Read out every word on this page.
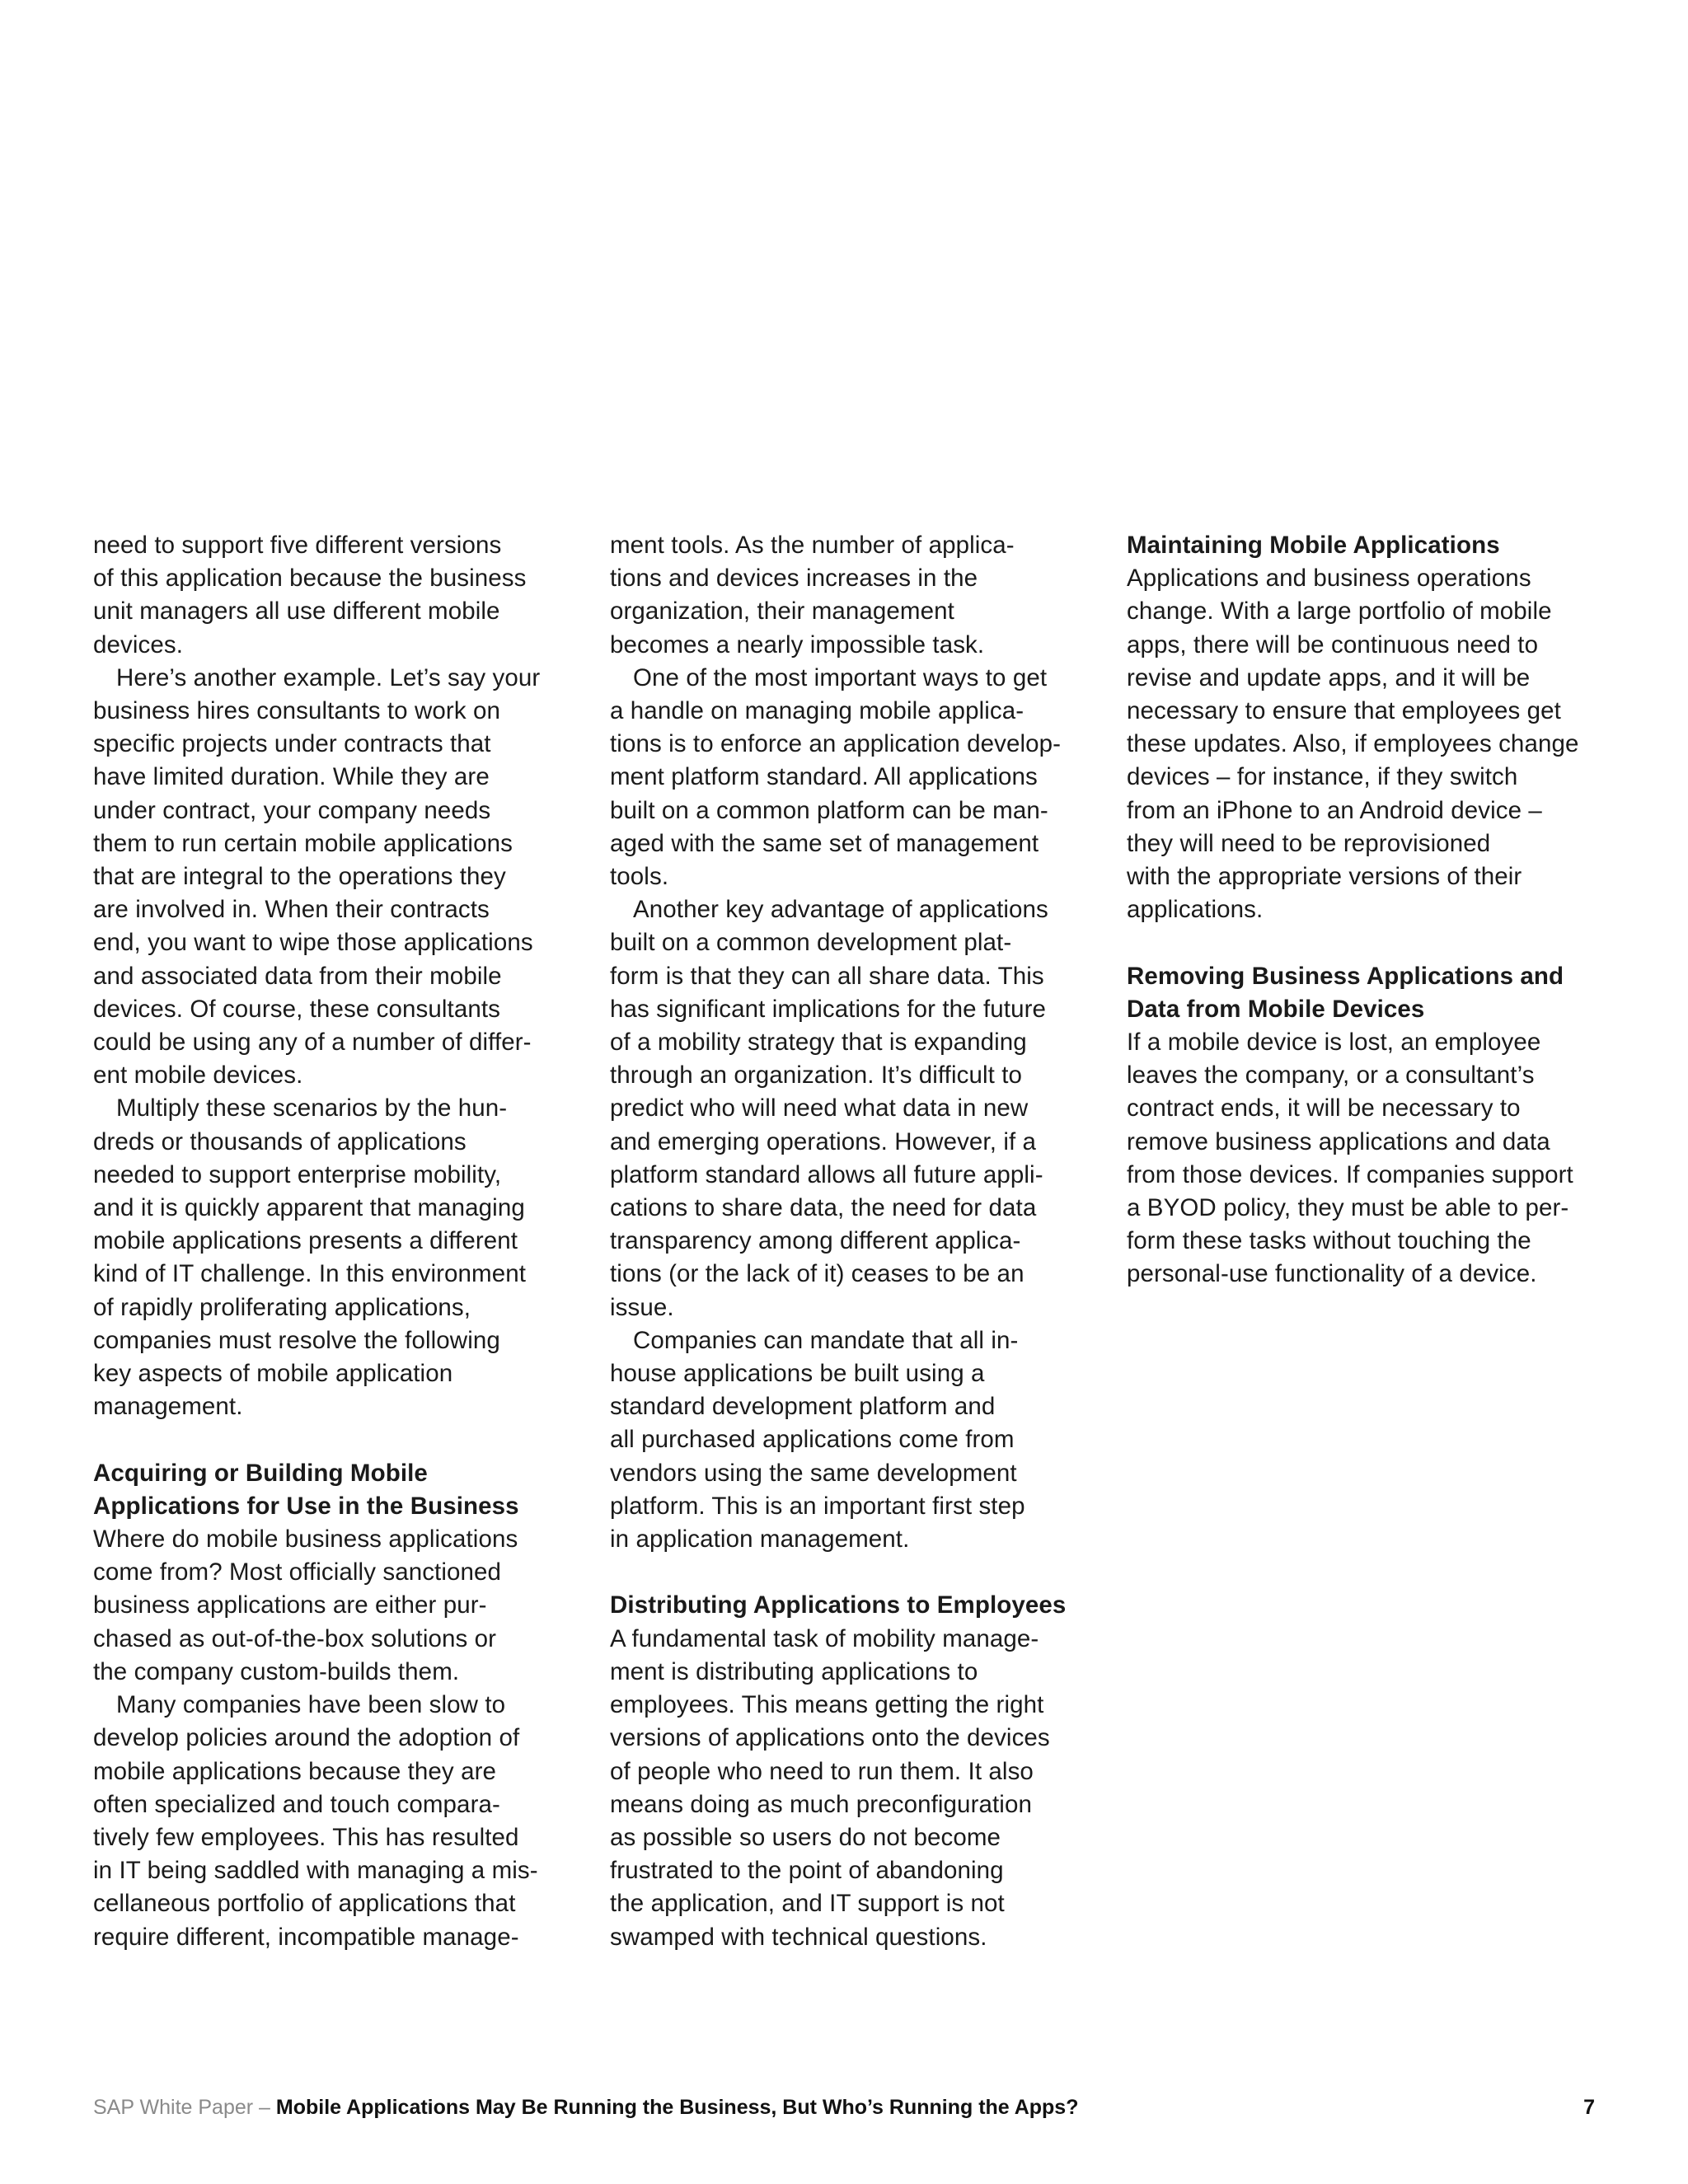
need to support five different versions
of this application because the business
unit managers all use different mobile
devices.
Here’s another example. Let’s say your
business hires consultants to work on
specific projects under contracts that
have limited duration. While they are
under contract, your company needs
them to run certain mobile applications
that are integral to the operations they
are involved in. When their contracts
end, you want to wipe those applications
and associated data from their mobile
devices. Of course, these consultants
could be using any of a number of differ-
ent mobile devices.
Multiply these scenarios by the hun-
dreds or thousands of applications
needed to support enterprise mobility,
and it is quickly apparent that managing
mobile applications presents a different
kind of IT challenge. In this environment
of rapidly proliferating applications,
companies must resolve the following
key aspects of mobile application
management.
Acquiring or Building Mobile
Applications for Use in the Business
Where do mobile business applications
come from? Most officially sanctioned
business applications are either pur-
chased as out-of-the-box solutions or
the company custom-builds them.
Many companies have been slow to
develop policies around the adoption of
mobile applications because they are
often specialized and touch compara-
tively few employees. This has resulted
in IT being saddled with managing a mis-
cellaneous portfolio of applications that
require different, incompatible manage-
ment tools. As the number of applica-
tions and devices increases in the
organization, their management
becomes a nearly impossible task.
One of the most important ways to get
a handle on managing mobile applica-
tions is to enforce an application develop-
ment platform standard. All applications
built on a common platform can be man-
aged with the same set of management
tools.
Another key advantage of applications
built on a common development plat-
form is that they can all share data. This
has significant implications for the future
of a mobility strategy that is expanding
through an organization. It’s difficult to
predict who will need what data in new
and emerging operations. However, if a
platform standard allows all future appli-
cations to share data, the need for data
transparency among different applica-
tions (or the lack of it) ceases to be an
issue.
Companies can mandate that all in-
house applications be built using a
standard development platform and
all purchased applications come from
vendors using the same development
platform. This is an important first step
in application management.
Distributing Applications to Employees
A fundamental task of mobility manage-
ment is distributing applications to
employees. This means getting the right
versions of applications onto the devices
of people who need to run them. It also
means doing as much preconfiguration
as possible so users do not become
frustrated to the point of abandoning
the application, and IT support is not
swamped with technical questions.
Maintaining Mobile Applications
Applications and business operations
change. With a large portfolio of mobile
apps, there will be continuous need to
revise and update apps, and it will be
necessary to ensure that employees get
these updates. Also, if employees change
devices – for instance, if they switch
from an iPhone to an Android device –
they will need to be reprovisioned
with the appropriate versions of their
applications.
Removing Business Applications and
Data from Mobile Devices
If a mobile device is lost, an employee
leaves the company, or a consultant’s
contract ends, it will be necessary to
remove business applications and data
from those devices. If companies support
a BYOD policy, they must be able to per-
form these tasks without touching the
personal-use functionality of a device.
SAP White Paper – Mobile Applications May Be Running the Business, But Who’s Running the Apps?	7
